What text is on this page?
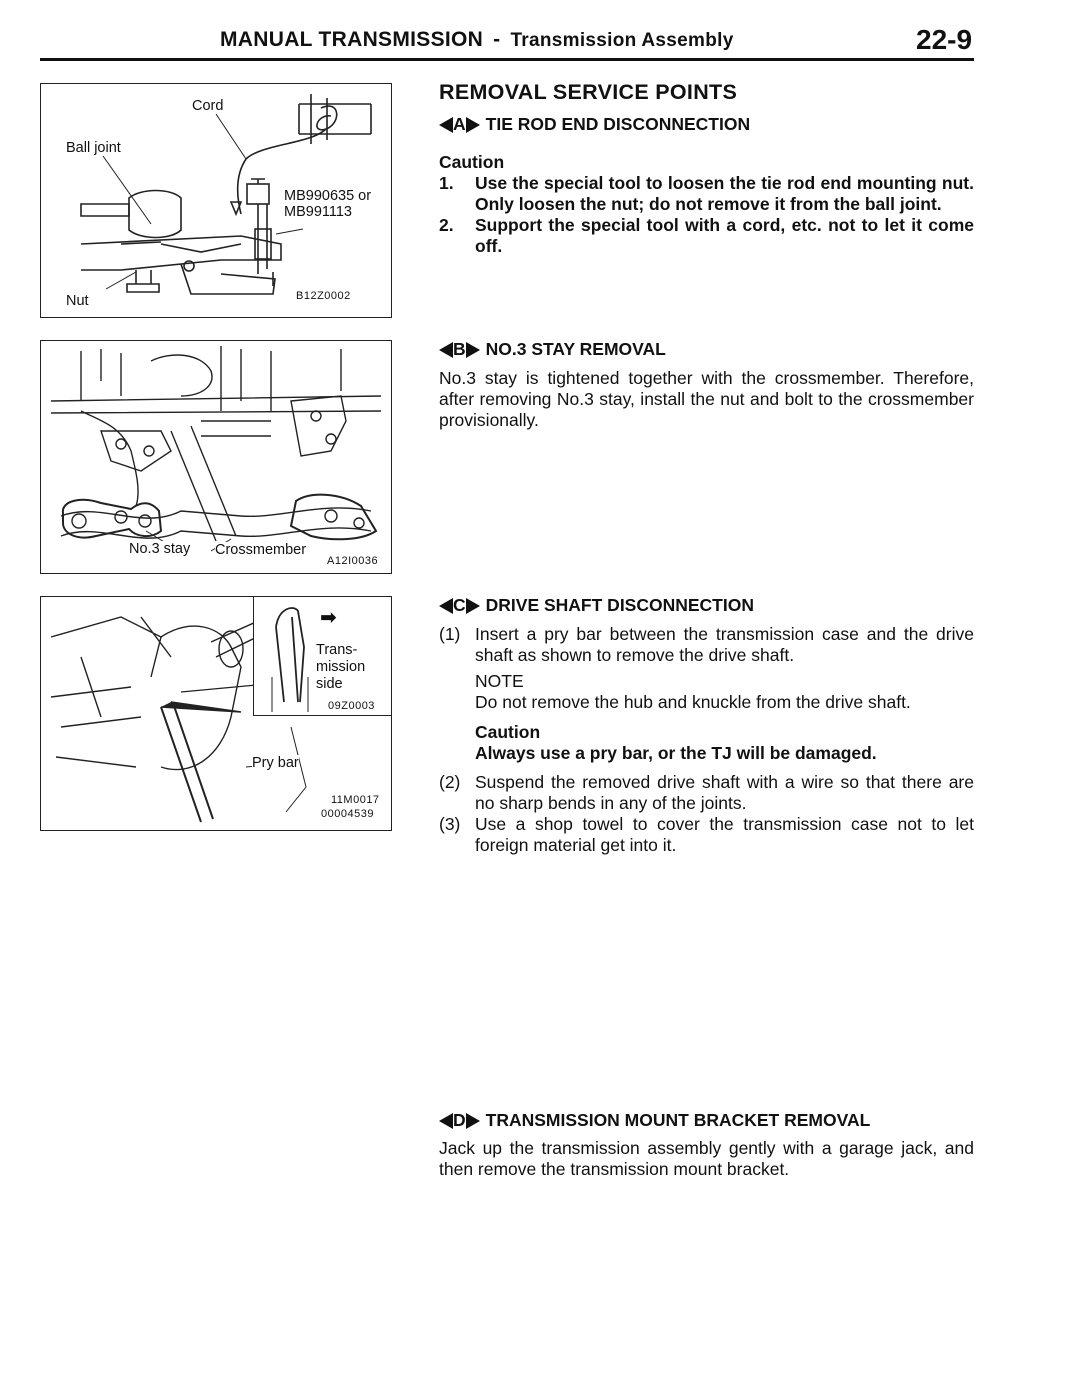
MANUAL TRANSMISSION - Transmission Assembly	22-9
Cord
Ball joint
MB990635 or
MB991113
Nut	B12Z0002
No.3 stay Crossmember
A12I0036
➡
Trans-
mission
side
09Z0003
Pry bar
11M0017
00004539
REMOVAL SERVICE POINTS
A TIE ROD END DISCONNECTION
Caution
1.	Use the special tool to loosen the tie rod end mounting nut. Only loosen the nut; do not remove it from the ball joint.
2.	Support the special tool with a cord, etc. not to let it come off.
B NO.3 STAY REMOVAL
No.3 stay is tightened together with the crossmember. Therefore, after removing No.3 stay, install the nut and bolt to the crossmember provisionally.
C DRIVE SHAFT DISCONNECTION
(1) Insert a pry bar between the transmission case and the drive shaft as shown to remove the drive shaft.
NOTE
Do not remove the hub and knuckle from the drive shaft.
Caution
Always use a pry bar, or the TJ will be damaged.
(2) Suspend the removed drive shaft with a wire so that there are no sharp bends in any of the joints.
(3) Use a shop towel to cover the transmission case not to let foreign material get into it.
D TRANSMISSION MOUNT BRACKET REMOVAL
Jack up the transmission assembly gently with a garage jack, and then remove the transmission mount bracket.
